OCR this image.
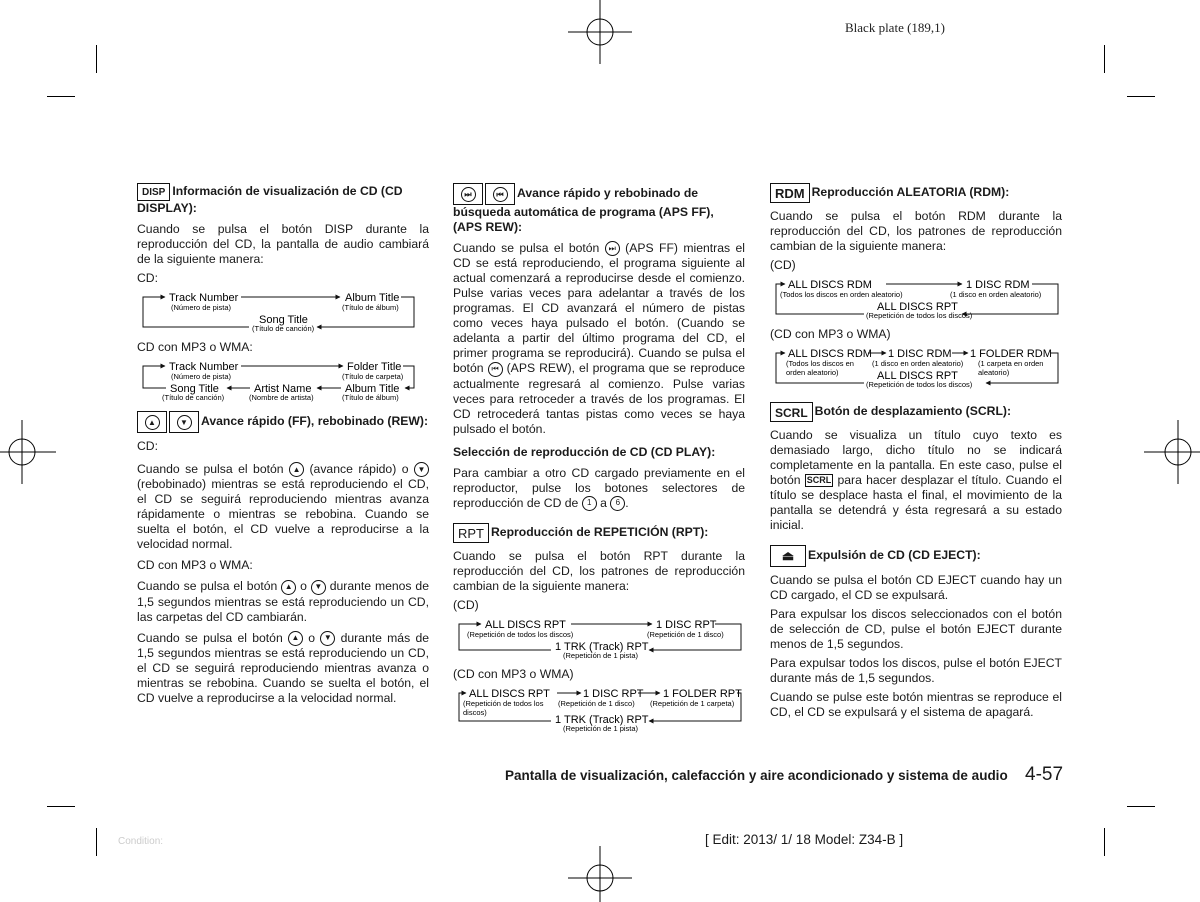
Black plate (189,1)
DISP Información de visualización de CD (CD DISPLAY):

Cuando se pulsa el botón DISP durante la reproducción del CD, la pantalla de audio cambiará de la siguiente manera:

CD:

Track Number
(Número de pista)
Album Title
(Título de álbum)
Song Title
(Título de canción)

CD con MP3 o WMA:

Track Number
(Número de pista)
Folder Title
(Título de carpeta)
Song Title
(Título de canción)
Artist Name
(Nombre de artista)
Album Title
(Título de álbum)
▲	▼ Avance rápido (FF), rebobinado (REW):

CD:

Cuando se pulsa el botón ▲ (avance rápido) o ▼ (rebobinado) mientras se está reproduciendo el CD, el CD se seguirá reproduciendo mientras avanza rápidamente o mientras se rebobina. Cuando se suelta el botón, el CD vuelve a reproducirse a la velocidad normal.

CD con MP3 o WMA:

Cuando se pulsa el botón ▲ o ▼ durante menos de 1,5 segundos mientras se está reproduciendo un CD, las carpetas del CD cambiarán.

Cuando se pulsa el botón ▲ o ▼ durante más de 1,5 segundos mientras se está reproduciendo un CD, el CD se seguirá reproduciendo mientras avanza o mientras se rebobina. Cuando se suelta el botón, el CD vuelve a reproducirse a la velocidad normal.

⏭	⏮ Avance rápido y rebobinado de búsqueda automática de programa (APS FF), (APS REW):

Cuando se pulsa el botón ⏭ (APS FF) mientras el CD se está reproduciendo, el programa siguiente al actual comenzará a reproducirse desde el comienzo. Pulse varias veces para adelantar a través de los programas. El CD avanzará el número de pistas como veces haya pulsado el botón. (Cuando se adelanta a partir del último programa del CD, el primer programa se reproducirá). Cuando se pulsa el botón ⏮ (APS REW), el programa que se reproduce actualmente regresará al comienzo. Pulse varias veces para retroceder a través de los programas. El CD retrocederá tantas pistas como veces se haya pulsado el botón.

Selección de reproducción de CD (CD PLAY):

Para cambiar a otro CD cargado previamente en el reproductor, pulse los botones selectores de reproducción de CD de 1 a 6 .

RPT Reproducción de REPETICIÓN (RPT):

Cuando se pulsa el botón RPT durante la reproducción del CD, los patrones de reproducción cambian de la siguiente manera:

(CD)

ALL DISCS RPT
(Repetición de todos los discos)
1 DISC RPT
(Repetición de 1 disco)
1 TRK (Track) RPT
(Repetición de 1 pista)

(CD con MP3 o WMA)

ALL DISCS RPT
(Repetición de todos los
discos)
1 DISC RPT
(Repetición de 1 disco)
1 FOLDER RPT
(Repetición de 1 carpeta)
1 TRK (Track) RPT
(Repetición de 1 pista)
RDM Reproducción ALEATORIA (RDM):

Cuando se pulsa el botón RDM durante la reproducción del CD, los patrones de reproducción cambian de la siguiente manera:

(CD)

ALL DISCS RDM
(Todos los discos en orden aleatorio)
1 DISC RDM
(1 disco en orden aleatorio)
ALL DISCS RPT
(Repetición de todos los discos)

(CD con MP3 o WMA)

ALL DISCS RDM
(Todos los discos en
orden aleatorio)
1 DISC RDM
(1 disco en orden aleatorio)
1 FOLDER RDM
(1 carpeta en orden
aleatorio)
ALL DISCS RPT
(Repetición de todos los discos)
SCRL Botón de desplazamiento (SCRL):

Cuando se visualiza un título cuyo texto es demasiado largo, dicho título no se indicará completamente en la pantalla. En este caso, pulse el botón SCRL para hacer desplazar el título. Cuando el título se desplace hasta el final, el movimiento de la pantalla se detendrá y ésta regresará a su estado inicial.

⏏ Expulsión de CD (CD EJECT):

Cuando se pulsa el botón CD EJECT cuando hay un CD cargado, el CD se expulsará.

Para expulsar los discos seleccionados con el botón de selección de CD, pulse el botón EJECT durante menos de 1,5 segundos.

Para expulsar todos los discos, pulse el botón EJECT durante más de 1,5 segundos.

Cuando se pulse este botón mientras se reproduce el CD, el CD se expulsará y el sistema de apagará.

Pantalla de visualización, calefacción y aire acondicionado y sistema de audio 4-57
[ Edit: 2013/ 1/ 18 Model: Z34-B ]
Condition:
